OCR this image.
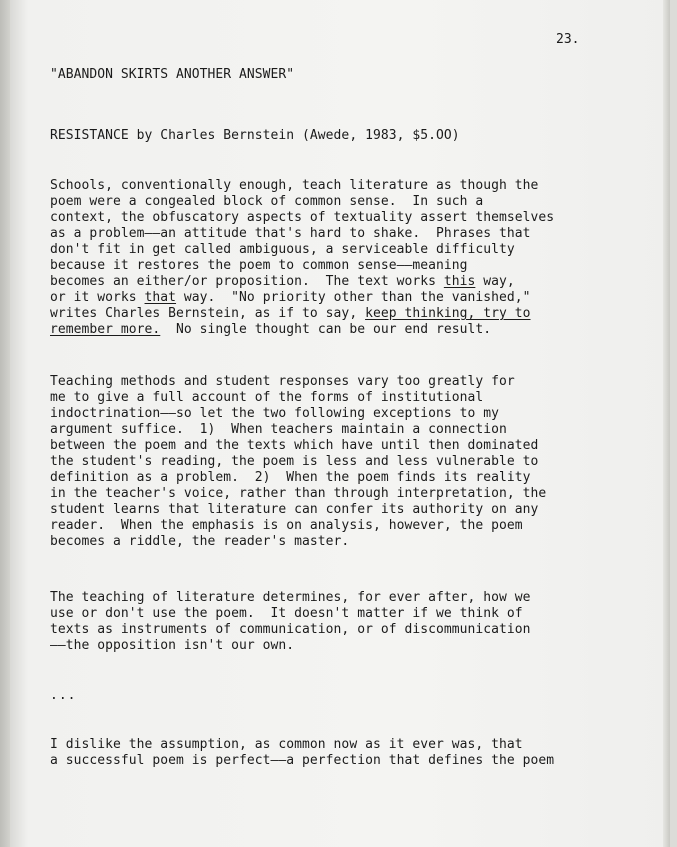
23.
"ABANDON SKIRTS ANOTHER ANSWER"
RESISTANCE by Charles Bernstein (Awede, 1983, $5.OO)
Schools, conventionally enough, teach literature as though the
poem were a congealed block of common sense.  In such a
context, the obfuscatory aspects of textuality assert themselves
as a problem——an attitude that's hard to shake.  Phrases that
don't fit in get called ambiguous, a serviceable difficulty
because it restores the poem to common sense——meaning
becomes an either/or proposition.  The text works this way,
or it works that way.  "No priority other than the vanished,"
writes Charles Bernstein, as if to say, keep thinking, try to
remember more.  No single thought can be our end result.
Teaching methods and student responses vary too greatly for
me to give a full account of the forms of institutional
indoctrination——so let the two following exceptions to my
argument suffice.  1)  When teachers maintain a connection
between the poem and the texts which have until then dominated
the student's reading, the poem is less and less vulnerable to
definition as a problem.  2)  When the poem finds its reality
in the teacher's voice, rather than through interpretation, the
student learns that literature can confer its authority on any
reader.  When the emphasis is on analysis, however, the poem
becomes a riddle, the reader's master.
The teaching of literature determines, for ever after, how we
use or don't use the poem.  It doesn't matter if we think of
texts as instruments of communication, or of discommunication
——the opposition isn't our own.
...
I dislike the assumption, as common now as it ever was, that
a successful poem is perfect——a perfection that defines the poem
